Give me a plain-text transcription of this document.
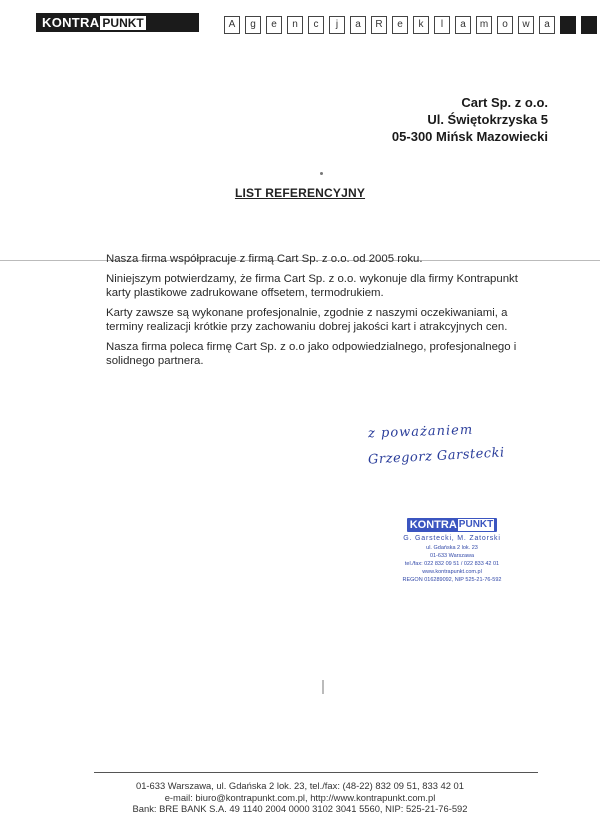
KONTRA PUNKT	A	g	e	n	c	j	a	R	e	k	l	a	m	o	w	a
Cart Sp. z o.o.
Ul. Świętokrzyska 5
05-300 Mińsk Mazowiecki
LIST REFERENCYJNY

Nasza firma współpracuje z firmą Cart Sp. z o.o. od 2005 roku.

Niniejszym potwierdzamy, że firma Cart Sp. z o.o. wykonuje dla firmy Kontrapunkt karty plastikowe zadrukowane offsetem, termodrukiem.

Karty zawsze są wykonane profesjonalnie, zgodnie z naszymi oczekiwaniami, a terminy realizacji krótkie przy zachowaniu dobrej jakości kart i atrakcyjnych cen.

Nasza firma poleca firmę Cart Sp. z o.o jako odpowiedzialnego, profesjonalnego i solidnego partnera.

z poważaniem
Grzegorz Garstecki
KONTRA PUNKT
G. Garstecki, M. Zatorski
ul. Gdańska 2 lok. 23
01-633 Warszawa
tel./fax: 022 832 09 51 / 022 833 42 01
www.kontrapunkt.com.pl
REGON 016289092, NIP 525-21-76-592
01-633 Warszawa, ul. Gdańska 2 lok. 23, tel./fax: (48-22) 832 09 51, 833 42 01
e-mail: biuro@kontrapunkt.com.pl, http://www.kontrapunkt.com.pl
Bank: BRE BANK S.A. 49 1140 2004 0000 3102 3041 5560, NIP: 525-21-76-592
